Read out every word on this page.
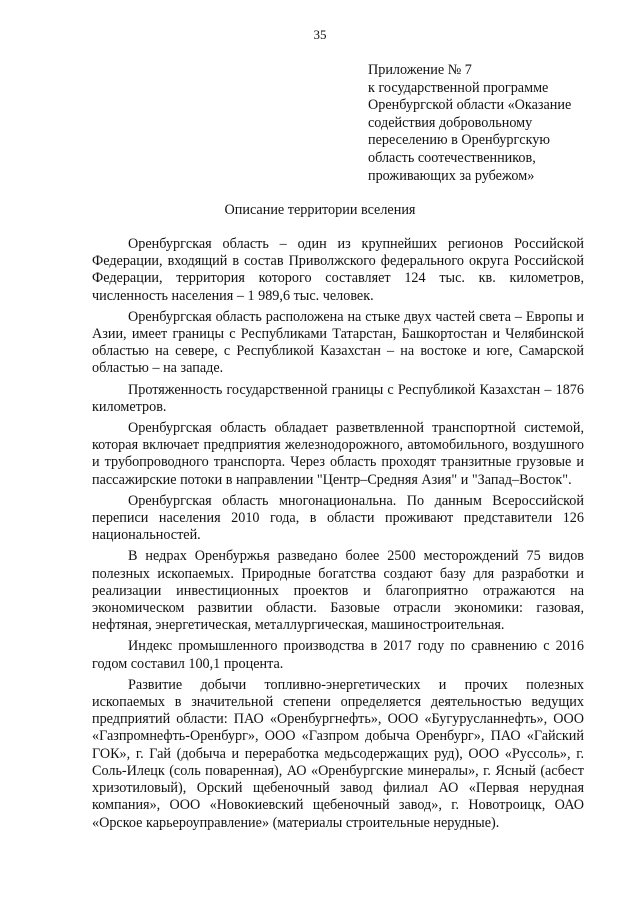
35
Приложение № 7
к государственной программе
Оренбургской области «Оказание
содействия добровольному
переселению в Оренбургскую
область соотечественников,
проживающих за рубежом»
Описание территории вселения

Оренбургская область – один из крупнейших регионов Российской Федерации, входящий в состав Приволжского федерального округа Российской Федерации, территория которого составляет 124 тыс. кв. километров, численность населения – 1 989,6 тыс. человек.

Оренбургская область расположена на стыке двух частей света – Европы и Азии, имеет границы с Республиками Татарстан, Башкортостан и Челябинской областью на севере, с Республикой Казахстан – на востоке и юге, Самарской областью – на западе.

Протяженность государственной границы с Республикой Казахстан – 1876 километров.

Оренбургская область обладает разветвленной транспортной системой, которая включает предприятия железнодорожного, автомобильного, воздушного и трубопроводного транспорта. Через область проходят транзитные грузовые и пассажирские потоки в направлении "Центр–Средняя Азия" и "Запад–Восток".

Оренбургская область многонациональна. По данным Всероссийской переписи населения 2010 года, в области проживают представители 126 национальностей.

В недрах Оренбуржья разведано более 2500 месторождений 75 видов полезных ископаемых. Природные богатства создают базу для разработки и реализации инвестиционных проектов и благоприятно отражаются на экономическом развитии области. Базовые отрасли экономики: газовая, нефтяная, энергетическая, металлургическая, машиностроительная.

Индекс промышленного производства в 2017 году по сравнению с 2016 годом составил 100,1 процента.

Развитие добычи топливно-энергетических и прочих полезных ископаемых в значительной степени определяется деятельностью ведущих предприятий области: ПАО «Оренбургнефть», ООО «Бугурусланнефть», ООО «Газпромнефть-Оренбург», ООО «Газпром добыча Оренбург», ПАО «Гайский ГОК», г. Гай (добыча и переработка медьсодержащих руд), ООО «Руссоль», г. Соль-Илецк (соль поваренная), АО «Оренбургские минералы», г. Ясный (асбест хризотиловый), Орский щебеночный завод филиал АО «Первая нерудная компания», ООО «Новокиевский щебеночный завод», г. Новотроицк, ОАО «Орское карьероуправление» (материалы строительные нерудные).
